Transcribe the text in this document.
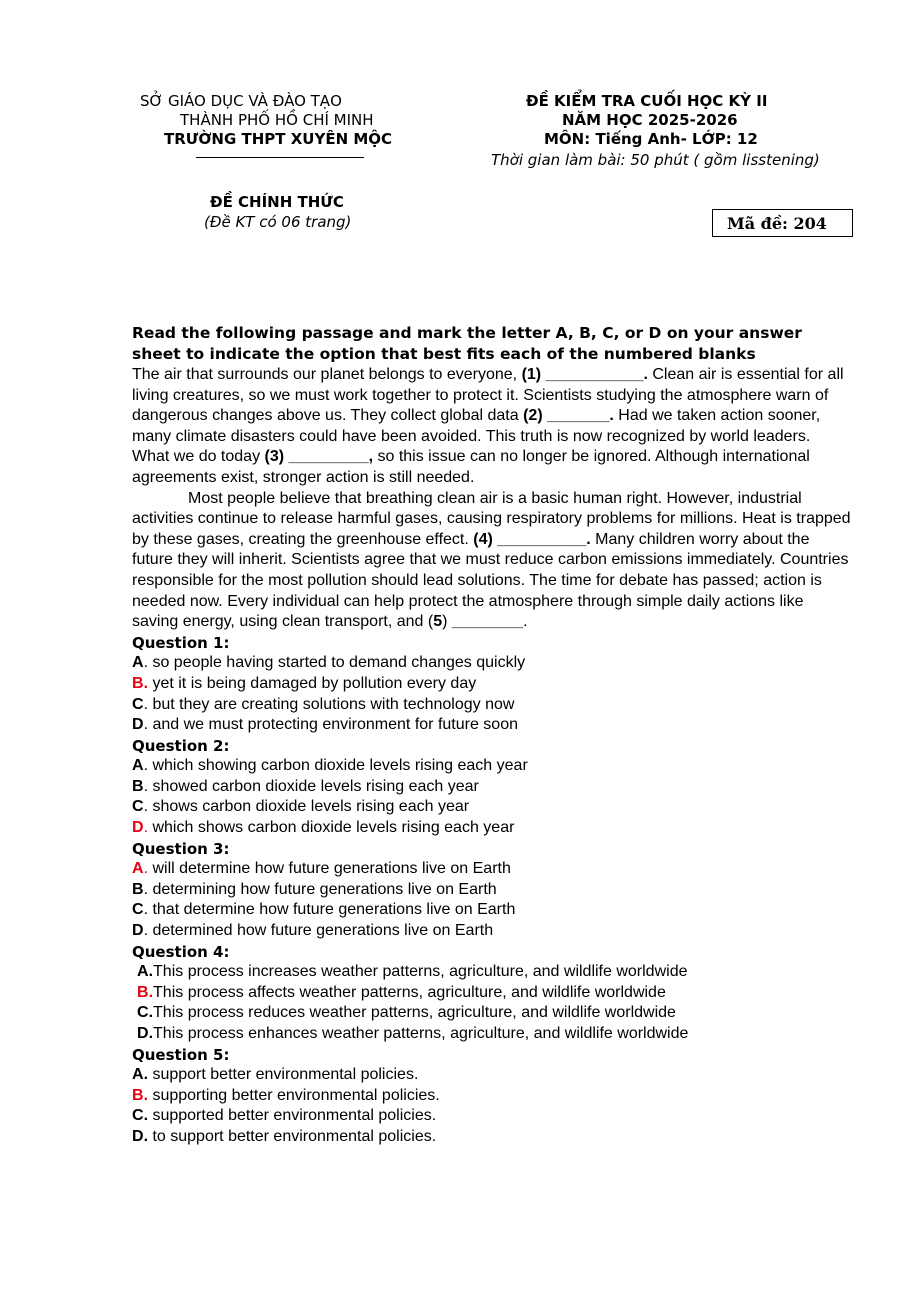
SỞ GIÁO DỤC VÀ ĐÀO TẠO
THÀNH PHỐ HỒ CHÍ MINH
TRƯỜNG THPT XUYÊN MỘC
ĐỀ CHÍNH THỨC
(Đề KT có 06 trang)
ĐỀ KIỂM TRA CUỐI HỌC KỲ II
NĂM HỌC 2025-2026
MÔN: Tiếng Anh- LỚP: 12
Thời gian làm bài: 50 phút ( gồm lisstening)
Mã đề: 204

Read the following passage and mark the letter A, B, C, or D on your answer sheet to indicate the option that best fits each of the numbered blanks

The air that surrounds our planet belongs to everyone, (1) ___________. Clean air is essential for all living creatures, so we must work together to protect it. Scientists studying the atmosphere warn of dangerous changes above us. They collect global data (2) _______. Had we taken action sooner, many climate disasters could have been avoided. This truth is now recognized by world leaders. What we do today (3) _________, so this issue can no longer be ignored. Although international agreements exist, stronger action is still needed.

Most people believe that breathing clean air is a basic human right. However, industrial activities continue to release harmful gases, causing respiratory problems for millions. Heat is trapped by these gases, creating the greenhouse effect. (4) __________. Many children worry about the future they will inherit. Scientists agree that we must reduce carbon emissions immediately. Countries responsible for the most pollution should lead solutions. The time for debate has passed; action is needed now. Every individual can help protect the atmosphere through simple daily actions like saving energy, using clean transport, and (5) ________.

Question 1:
A. so people having started to demand changes quickly
B. yet it is being damaged by pollution every day
C. but they are creating solutions with technology now
D. and we must protecting environment for future soon
Question 2:
A. which showing carbon dioxide levels rising each year
B. showed carbon dioxide levels rising each year
C. shows carbon dioxide levels rising each year
D. which shows carbon dioxide levels rising each year
Question 3:
A. will determine how future generations live on Earth
B. determining how future generations live on Earth
C. that determine how future generations live on Earth
D. determined how future generations live on Earth
Question 4:
A.This process increases weather patterns, agriculture, and wildlife worldwide
B.This process affects weather patterns, agriculture, and wildlife worldwide
C.This process reduces weather patterns, agriculture, and wildlife worldwide
D.This process enhances weather patterns, agriculture, and wildlife worldwide
Question 5:
A. support better environmental policies.
B. supporting better environmental policies.
C. supported better environmental policies.
D. to support better environmental policies.
